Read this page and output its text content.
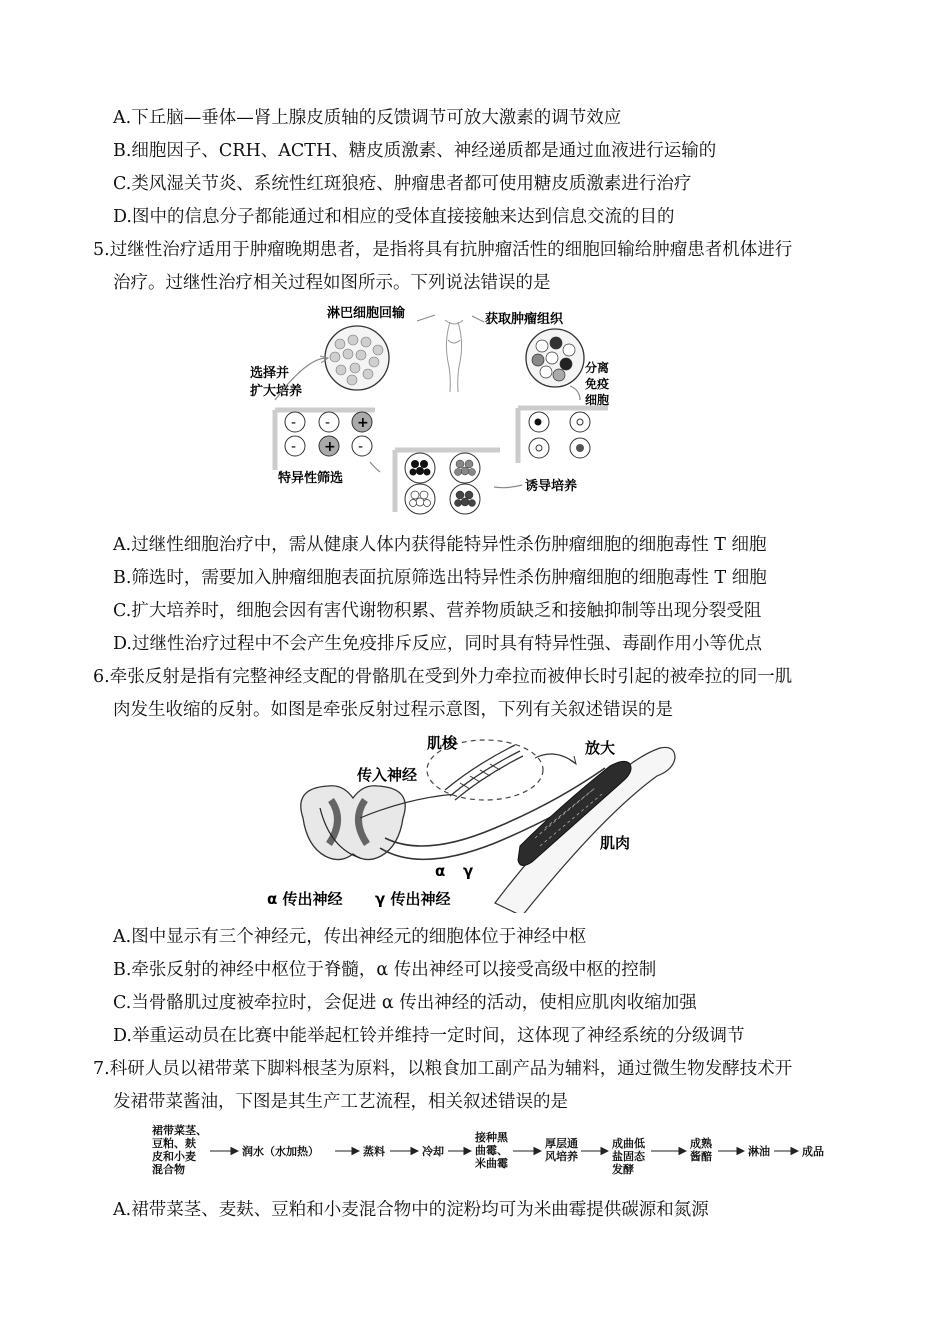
A.下丘脑—垂体—肾上腺皮质轴的反馈调节可放大激素的调节效应
B.细胞因子、CRH、ACTH、糖皮质激素、神经递质都是通过血液进行运输的
C.类风湿关节炎、系统性红斑狼疮、肿瘤患者都可使用糖皮质激素进行治疗
D.图中的信息分子都能通过和相应的受体直接接触来达到信息交流的目的
5.过继性治疗适用于肿瘤晚期患者，是指将具有抗肿瘤活性的细胞回输给肿瘤患者机体进行
治疗。过继性治疗相关过程如图所示。下列说法错误的是
淋巴细胞回输	获取肿瘤组织
选择并
扩大培养
分离
免疫
细胞
- - +
- + -
特异性筛选
诱导培养
A.过继性细胞治疗中，需从健康人体内获得能特异性杀伤肿瘤细胞的细胞毒性 T 细胞
B.筛选时，需要加入肿瘤细胞表面抗原筛选出特异性杀伤肿瘤细胞的细胞毒性 T 细胞
C.扩大培养时，细胞会因有害代谢物积累、营养物质缺乏和接触抑制等出现分裂受阻
D.过继性治疗过程中不会产生免疫排斥反应，同时具有特异性强、毒副作用小等优点
6.牵张反射是指有完整神经支配的骨骼肌在受到外力牵拉而被伸长时引起的被牵拉的同一肌
肉发生收缩的反射。如图是牵张反射过程示意图，下列有关叙述错误的是
肌梭	放大
传入神经
肌肉
α γ
α 传出神经 γ 传出神经
A.图中显示有三个神经元，传出神经元的细胞体位于神经中枢
B.牵张反射的神经中枢位于脊髓，α 传出神经可以接受高级中枢的控制
C.当骨骼肌过度被牵拉时，会促进 α 传出神经的活动，使相应肌肉收缩加强
D.举重运动员在比赛中能举起杠铃并维持一定时间，这体现了神经系统的分级调节
7.科研人员以裙带菜下脚料根茎为原料，以粮食加工副产品为辅料，通过微生物发酵技术开
发裙带菜酱油，下图是其生产工艺流程，相关叙述错误的是
裙带菜茎、
豆粕、麸
皮和小麦
混合物
润水（水加热）	蒸料	冷却
接种黑
曲霉、
米曲霉
厚层通
风培养
成曲低
盐固态
发酵
成熟
酱醅	淋油	成品
A.裙带菜茎、麦麸、豆粕和小麦混合物中的淀粉均可为米曲霉提供碳源和氮源
